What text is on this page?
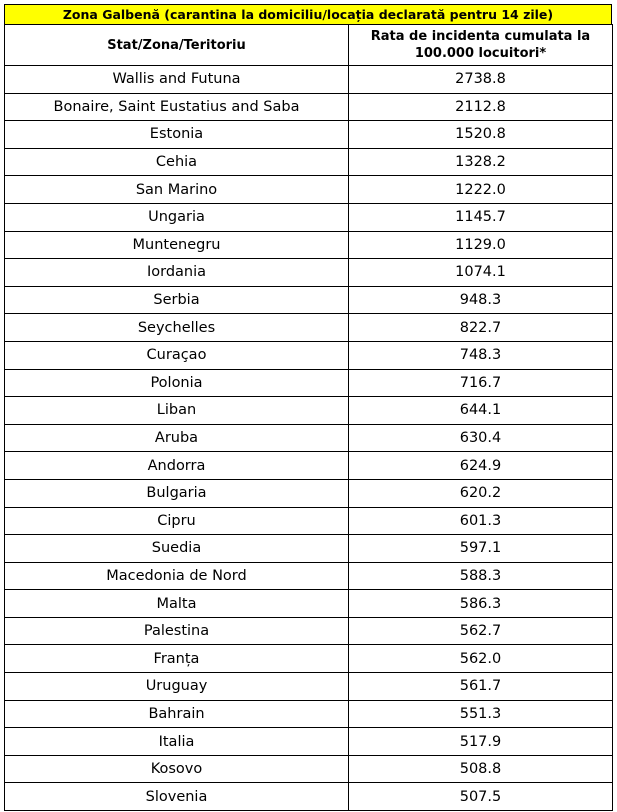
Zona Galbenă (carantina la domiciliu/locația declarată pentru 14 zile)
Stat/Zona/Teritoriu	Rata de incidenta cumulata la 100.000 locuitori*
Wallis and Futuna	2738.8
Bonaire, Saint Eustatius and Saba	2112.8
Estonia	1520.8
Cehia	1328.2
San Marino	1222.0
Ungaria	1145.7
Muntenegru	1129.0
Iordania	1074.1
Serbia	948.3
Seychelles	822.7
Curaçao	748.3
Polonia	716.7
Liban	644.1
Aruba	630.4
Andorra	624.9
Bulgaria	620.2
Cipru	601.3
Suedia	597.1
Macedonia de Nord	588.3
Malta	586.3
Palestina	562.7
Franța	562.0
Uruguay	561.7
Bahrain	551.3
Italia	517.9
Kosovo	508.8
Slovenia	507.5
